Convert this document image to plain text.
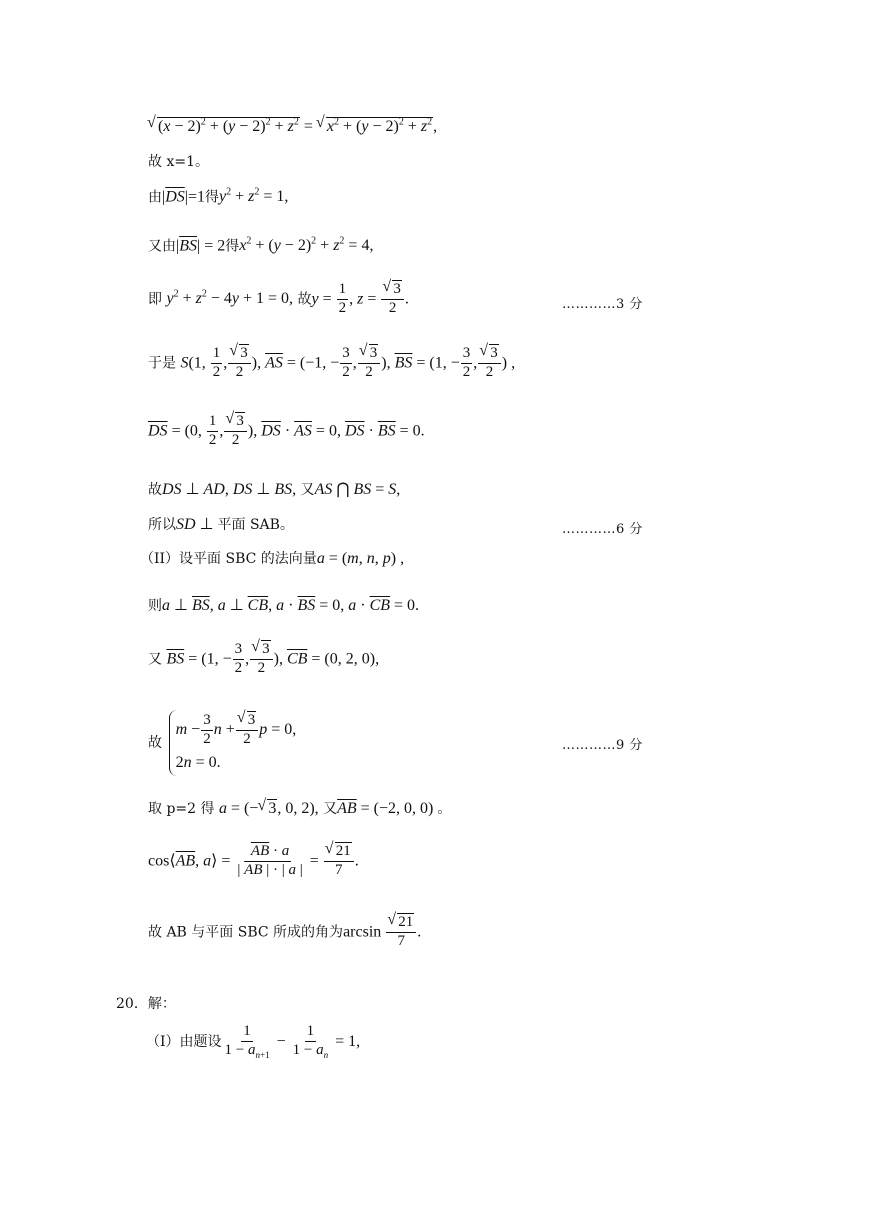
√ $(x - 2)^2 + (y - 2)^2 + z^2$ = √ $x^2 + (y - 2)^2 + z^2$,
故 x=1。
由$|\overline{DS}|=1$得$y^2 + z^2 = 1$,
又由$|\overline{BS}| = 2$得$x^2 + (y - 2)^2 + z^2 = 4$,
即 $y^2 + z^2 - 4y + 1 = 0$, 故$y = \frac{1}{2}$ , z = √ $\frac{3}{2}$ .	…………3 分
于是 S(1, $\frac{1}{2}$ , √ $\frac{3}{2}$ ), $\overline{AS} = (-1$, − $\frac{3}{2}$ , √ $\frac{3}{2}$ ), $\overline{BS} = (1$, − $\frac{3}{2}$ , √ $\frac{3}{2}$ ) ,
$\overline{DS} = (0$, $\frac{1}{2}$ , √ $\frac{3}{2}$ ), $\overline{DS} \cdot \overline{AS} = 0$, $\overline{DS} \cdot \overline{BS} = 0$.
故DS ⊥ AD, DS ⊥ BS, 又AS ⋂ BS = S,
所以SD ⊥ 平面 SAB。	…………6 分
（II）设平面 SBC 的法向量a = (m, n, p) ,
则a ⊥ $\overline{BS}$, a ⊥ $\overline{CB}$, $a \cdot \overline{BS} = 0$, $a \cdot \overline{CB} = 0$.
又 $\overline{BS} = (1$, − $\frac{3}{2}$ , √ $\frac{3}{2}$ ), $\overline{CB} = (0$, 2, 0),
故
$m - \frac{3}{2}$ n + √ $\frac{3}{2}$ p = 0,
2n = 0.
…………9 分
取 p=2 得 a = (− √ 3, 0, 2), 又$\overline{AB} = (-2$, 0, 0) 。
$\cos⟨\overline{AB}$, a⟩ = $\frac{\overline{AB} \cdot a}{| \overline{AB} | \cdot | a |}$ = √ $\frac{21}{7}$ .
故 AB 与平面 SBC 所成的角为arcsin √ $\frac{21}{7}$ .
20．解：
（I）由题设 $\frac{1}{1 - a_{n+1}} - \frac{1}{1 - a_n} = 1$,
